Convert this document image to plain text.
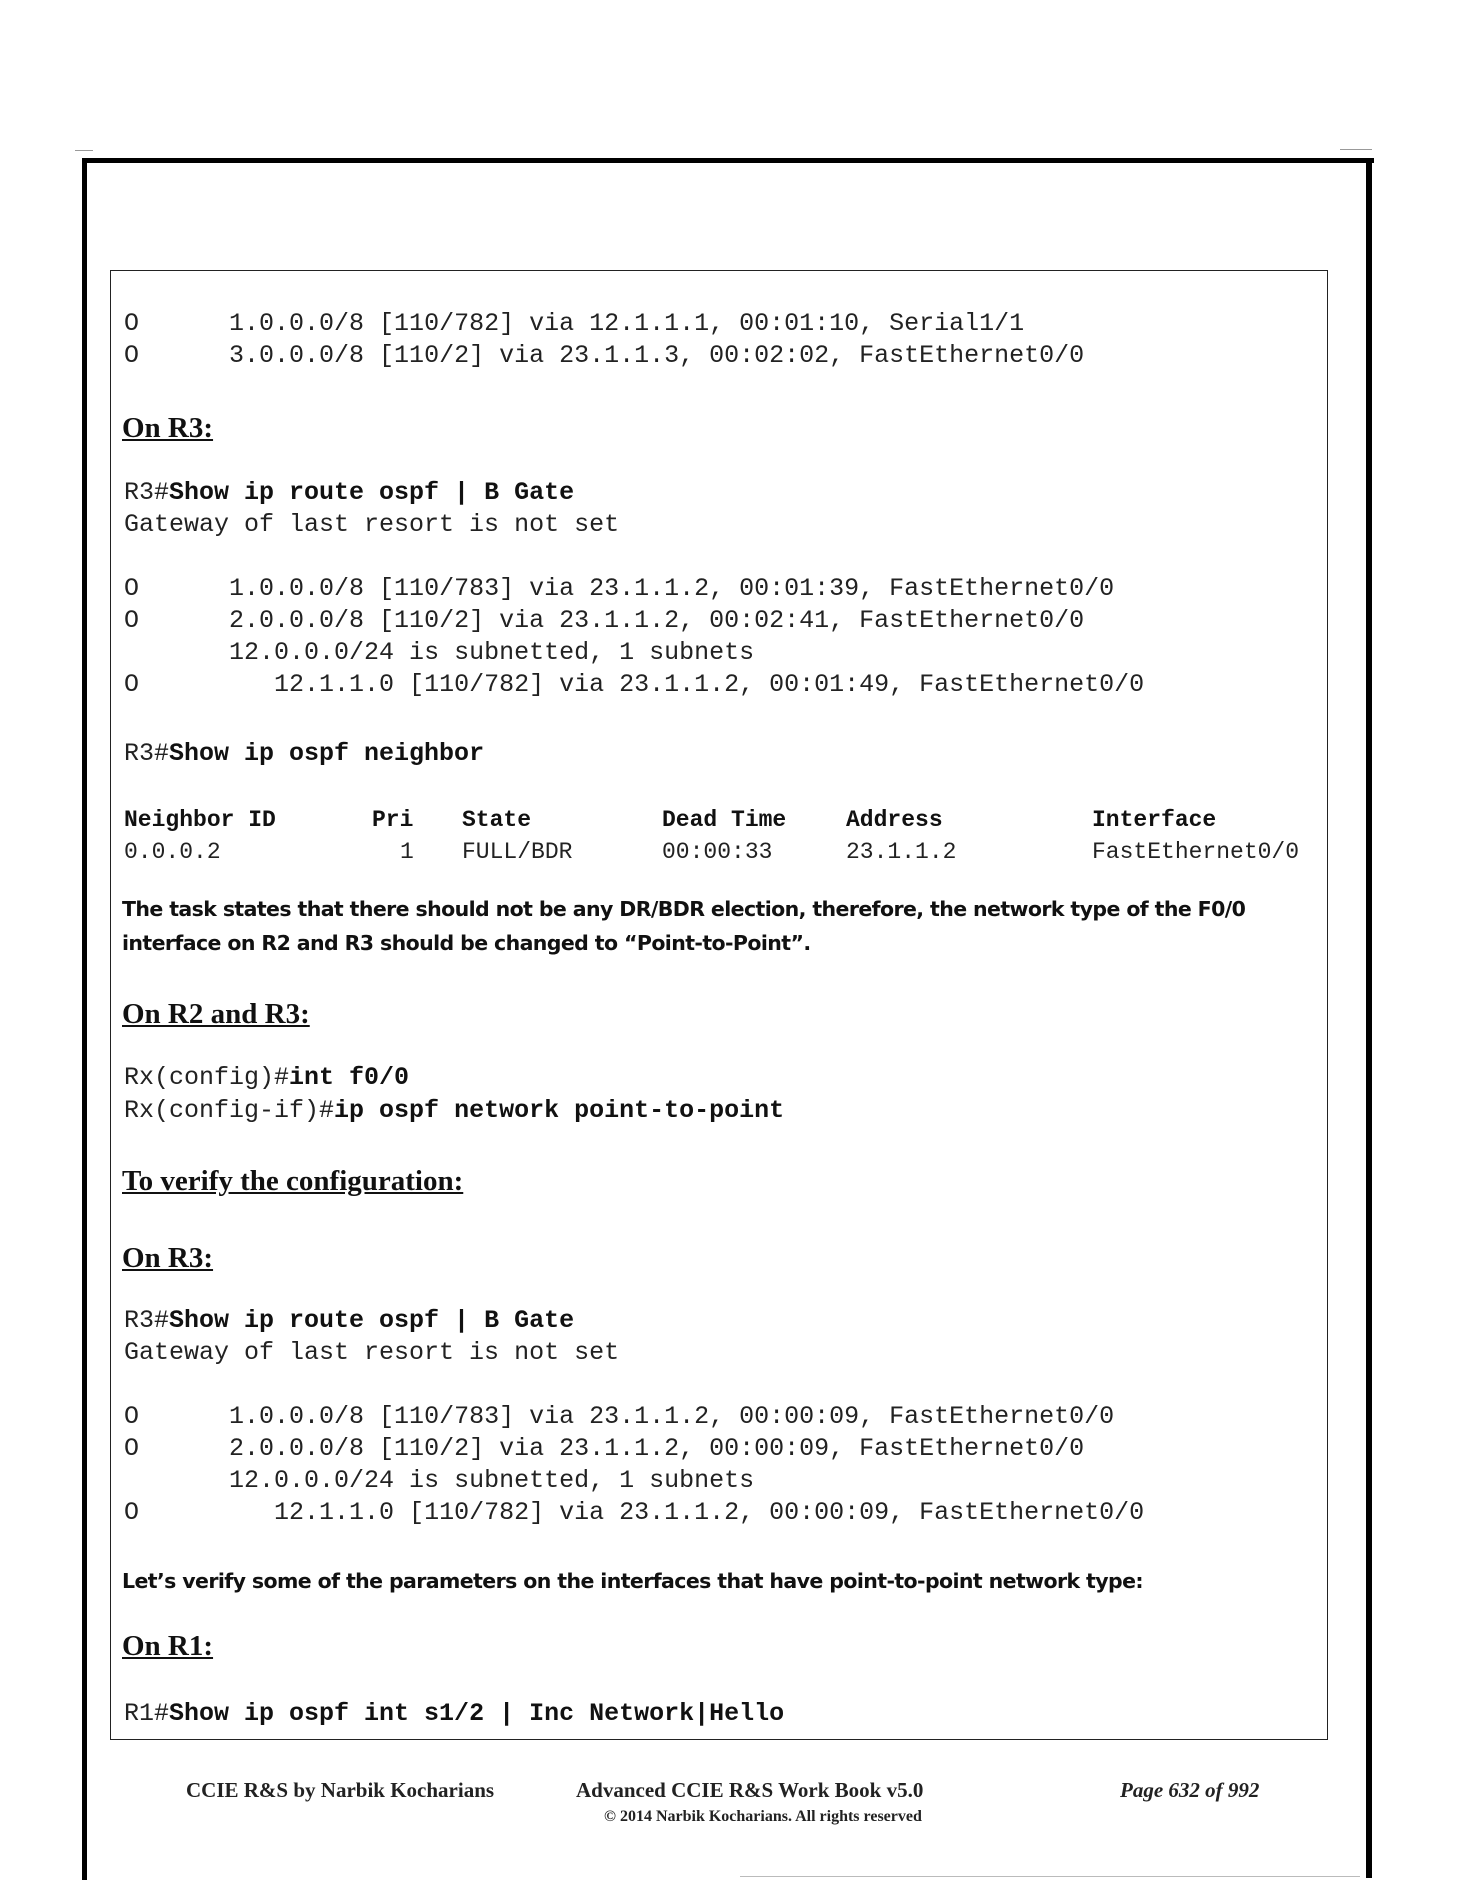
O	1.0.0.0/8 [110/782] via 12.1.1.1, 00:01:10, Serial1/1
O	3.0.0.0/8 [110/2] via 23.1.1.3, 00:02:02, FastEthernet0/0
On R3:
R3#Show ip route ospf | B Gate
Gateway of last resort is not set
O	1.0.0.0/8 [110/783] via 23.1.1.2, 00:01:39, FastEthernet0/0
O	2.0.0.0/8 [110/2] via 23.1.1.2, 00:02:41, FastEthernet0/0
12.0.0.0/24 is subnetted, 1 subnets
O	12.1.1.0 [110/782] via 23.1.1.2, 00:01:49, FastEthernet0/0
R3#Show ip ospf neighbor
Neighbor ID	Pri State	Dead Time	Address	Interface
0.0.0.2	1 FULL/BDR	00:00:33	23.1.1.2	FastEthernet0/0
The task states that there should not be any DR/BDR election, therefore, the network type of the F0/0 interface on R2 and R3 should be changed to “Point-to-Point”.
On R2 and R3:
Rx(config)#int f0/0
Rx(config-if)#ip ospf network point-to-point
To verify the configuration:
On R3:
R3#Show ip route ospf | B Gate
Gateway of last resort is not set
O	1.0.0.0/8 [110/783] via 23.1.1.2, 00:00:09, FastEthernet0/0
O	2.0.0.0/8 [110/2] via 23.1.1.2, 00:00:09, FastEthernet0/0
12.0.0.0/24 is subnetted, 1 subnets
O	12.1.1.0 [110/782] via 23.1.1.2, 00:00:09, FastEthernet0/0
Let’s verify some of the parameters on the interfaces that have point-to-point network type:
On R1:
R1#Show ip ospf int s1/2 | Inc Network|Hello
CCIE R&S by Narbik Kocharians	Advanced CCIE R&S Work Book v5.0
© 2014 Narbik Kocharians. All rights reserved
Page 632 of 992
